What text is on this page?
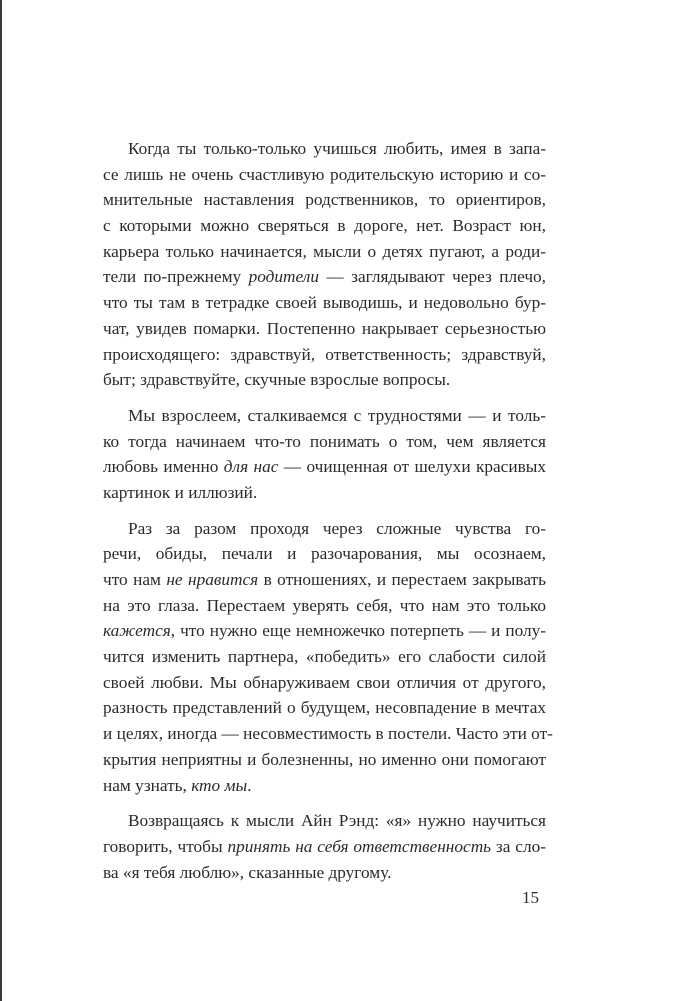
Когда ты только-только учишься любить, имея в запа-
се лишь не очень счастливую родительскую историю и со-
мнительные наставления родственников, то ориентиров,
с которыми можно сверяться в дороге, нет. Возраст юн,
карьера только начинается, мысли о детях пугают, а роди-
тели по-прежнему родители — заглядывают через плечо,
что ты там в тетрадке своей выводишь, и недовольно бур-
чат, увидев помарки. Постепенно накрывает серьезностью
происходящего: здравствуй, ответственность; здравствуй,
быт; здравствуйте, скучные взрослые вопросы.
Мы взрослеем, сталкиваемся с трудностями — и толь-
ко тогда начинаем что-то понимать о том, чем является
любовь именно для нас — очищенная от шелухи красивых
картинок и иллюзий.
Раз за разом проходя через сложные чувства го-
речи, обиды, печали и разочарования, мы осознаем,
что нам не нравится в отношениях, и перестаем закрывать
на это глаза. Перестаем уверять себя, что нам это только
кажется, что нужно еще немножечко потерпеть — и полу-
чится изменить партнера, «победить» его слабости силой
своей любви. Мы обнаруживаем свои отличия от другого,
разность представлений о будущем, несовпадение в мечтах
и целях, иногда — несовместимость в постели. Часто эти от-
крытия неприятны и болезненны, но именно они помогают
нам узнать, кто мы.
Возвращаясь к мысли Айн Рэнд: «я» нужно научиться
говорить, чтобы принять на себя ответственность за сло-
ва «я тебя люблю», сказанные другому.
15
